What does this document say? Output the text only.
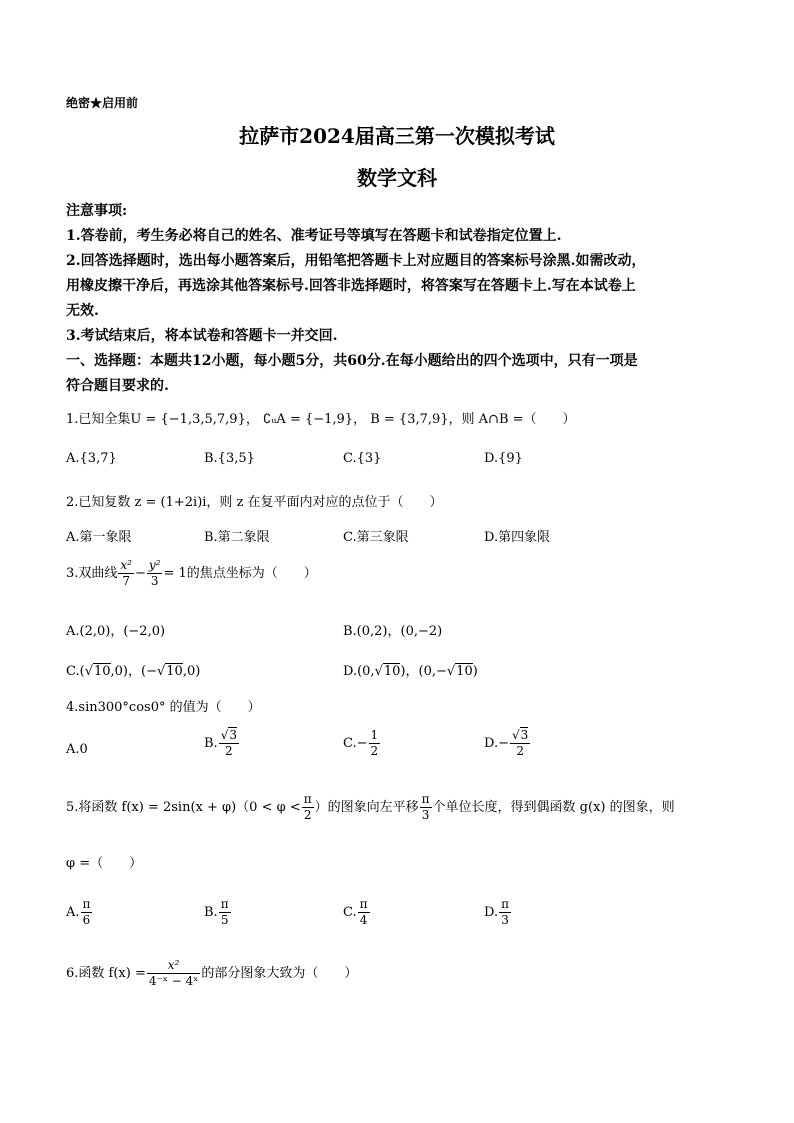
绝密★启用前
拉萨市2024届高三第一次模拟考试
数学文科
注意事项:
1.答卷前，考生务必将自己的姓名、准考证号等填写在答题卡和试卷指定位置上.
2.回答选择题时，选出每小题答案后，用铅笔把答题卡上对应题目的答案标号涂黑.如需改动，
用橡皮擦干净后，再选涂其他答案标号.回答非选择题时，将答案写在答题卡上.写在本试卷上
无效.
3.考试结束后，将本试卷和答题卡一并交回.
一、选择题：本题共12小题，每小题5分，共60分.在每小题给出的四个选项中，只有一项是
符合题目要求的.
1.已知全集U = {−1,3,5,7,9}， ∁ᵤA = {−1,9}， B = {3,7,9}，则 A∩B =（　　）
A.{3,7}	B.{3,5}	C.{3}	D.{9}
2.已知复数 z = (1+2i)i，则 z 在复平面内对应的点位于（　　）
A.第一象限	B.第二象限	C.第三象限	D.第四象限
3.双曲线 $\frac{\text{x²}}{7} - \frac{\text{y²}}{3} = 1$的焦点坐标为（　　）
A.(2,0)，(−2,0)	B.(0,2)，(0,−2)
C.(√10,0)，(−√10,0)	D.(0,√10)，(0,−√10)
4.sin300°cos0° 的值为（　　）
A.0	B. $\frac{√3}{2}$	$C.- \frac{1}{2}$	$D.- \frac{√3}{2}$
5.将函数 $f(x) = 2\sin(x + \varphi)(0 < \varphi < \frac{\pi}{2}$ ）的图象向左平移 $\frac{\pi}{3}$ 个单位长度，得到偶函数 g(x) 的图象，则
φ =（　　）
A. $\frac{\pi}{6}$	B. $\frac{\pi}{5}$	C. $\frac{\pi}{4}$	D. $\frac{\pi}{3}$
6.函数 $f(x) = \frac{\text{x²}}{\text{4⁻ˣ − 4ˣ}}$ 的部分图象大致为（　　）
